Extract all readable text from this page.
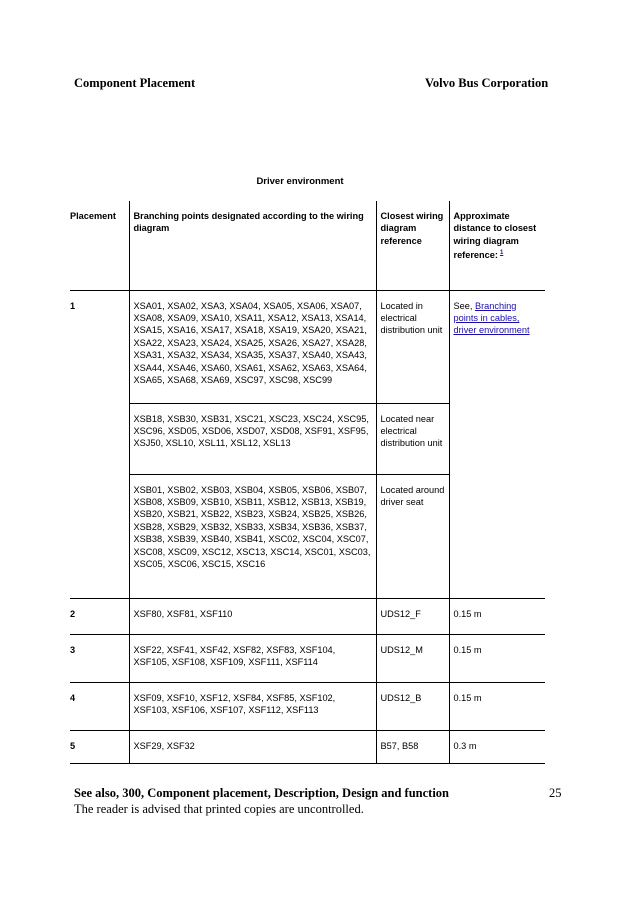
Component Placement	Volvo Bus Corporation
Driver environment
Placement	Branching points designated according to the wiring diagram	Closest wiring diagram reference	Approximate distance to closest wiring diagram reference: $^1$
1	XSA01, XSA02, XSA3, XSA04, XSA05, XSA06, XSA07, XSA08, XSA09, XSA10, XSA11, XSA12, XSA13, XSA14, XSA15, XSA16, XSA17, XSA18, XSA19, XSA20, XSA21, XSA22, XSA23, XSA24, XSA25, XSA26, XSA27, XSA28, XSA31, XSA32, XSA34, XSA35, XSA37, XSA40, XSA43, XSA44, XSA46, XSA60, XSA61, XSA62, XSA63, XSA64, XSA65, XSA68, XSA69, XSC97, XSC98, XSC99	Located in electrical distribution unit	See, Branching points in cables, driver environment
	XSB18, XSB30, XSB31, XSC21, XSC23, XSC24, XSC95, XSC96, XSD05, XSD06, XSD07, XSD08, XSF91, XSF95, XSJ50, XSL10, XSL11, XSL12, XSL13	Located near electrical distribution unit	
	XSB01, XSB02, XSB03, XSB04, XSB05, XSB06, XSB07, XSB08, XSB09, XSB10, XSB11, XSB12, XSB13, XSB19, XSB20, XSB21, XSB22, XSB23, XSB24, XSB25, XSB26, XSB28, XSB29, XSB32, XSB33, XSB34, XSB36, XSB37, XSB38, XSB39, XSB40, XSB41, XSC02, XSC04, XSC07, XSC08, XSC09, XSC12, XSC13, XSC14, XSC01, XSC03, XSC05, XSC06, XSC15, XSC16	Located around driver seat	
2	XSF80, XSF81, XSF110	UDS12_F	0.15 m
3	XSF22, XSF41, XSF42, XSF82, XSF83, XSF104, XSF105, XSF108, XSF109, XSF111, XSF114	UDS12_M	0.15 m
4	XSF09, XSF10, XSF12, XSF84, XSF85, XSF102, XSF103, XSF106, XSF107, XSF112, XSF113	UDS12_B	0.15 m
5	XSF29, XSF32	B57, B58	0.3 m
See also, 300, Component placement, Description, Design and function	25
The reader is advised that printed copies are uncontrolled.
